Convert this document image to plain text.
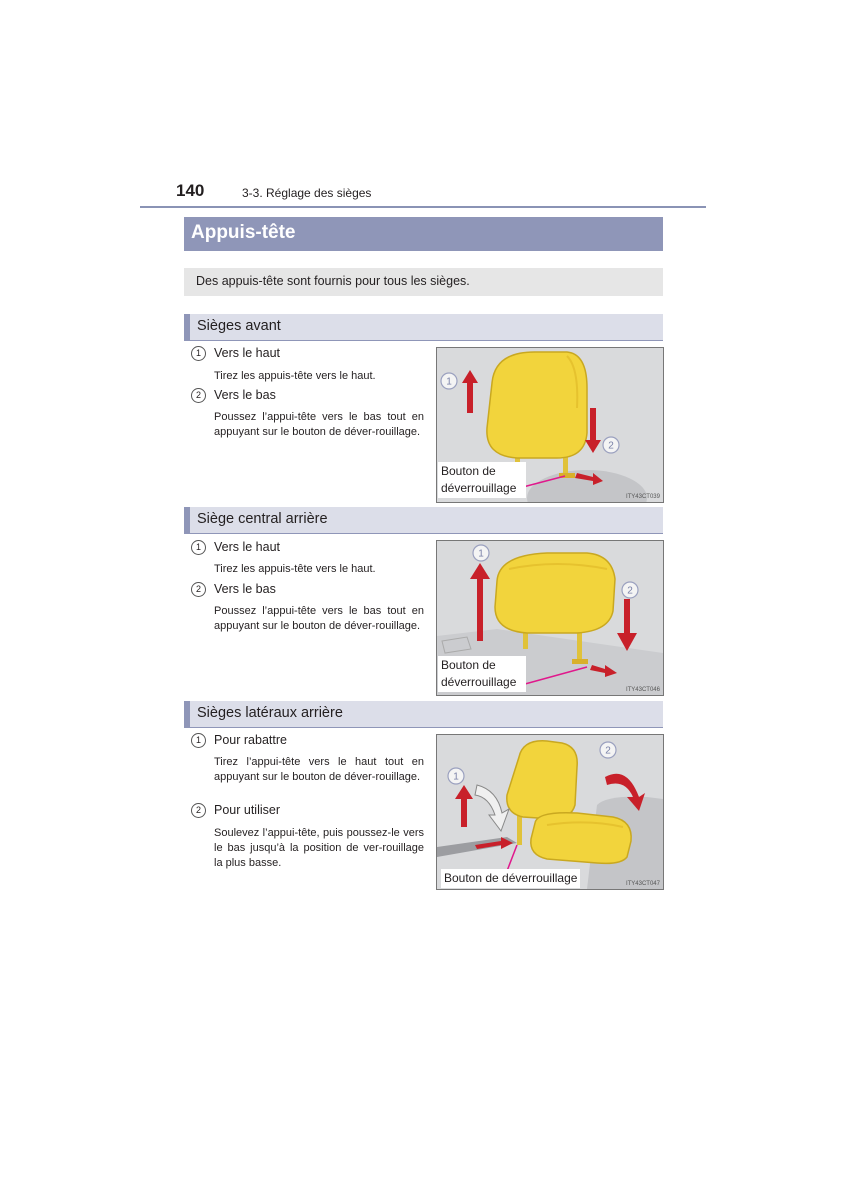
140	3-3. Réglage des sièges
Appuis-tête
Des appuis-tête sont fournis pour tous les sièges.
Sièges avant
1 Vers le haut
Tirez les appuis-tête vers le haut.
2 Vers le bas
Poussez l’appui-tête vers le bas tout en appuyant sur le bouton de déver-rouillage.
1
2
Bouton de déverrouillage
ITY43CT039
Siège central arrière
1 Vers le haut
Tirez les appuis-tête vers le haut.
2 Vers le bas
Poussez l’appui-tête vers le bas tout en appuyant sur le bouton de déver-rouillage.
1
2
Bouton de déverrouillage
ITY43CT046
Sièges latéraux arrière
1 Pour rabattre
Tirez l’appui-tête vers le haut tout en appuyant sur le bouton de déver-rouillage.
2 Pour utiliser
Soulevez l’appui-tête, puis poussez-le vers le bas jusqu’à la position de ver-rouillage la plus basse.
1
2
Bouton de déverrouillage	ITY43CT047
